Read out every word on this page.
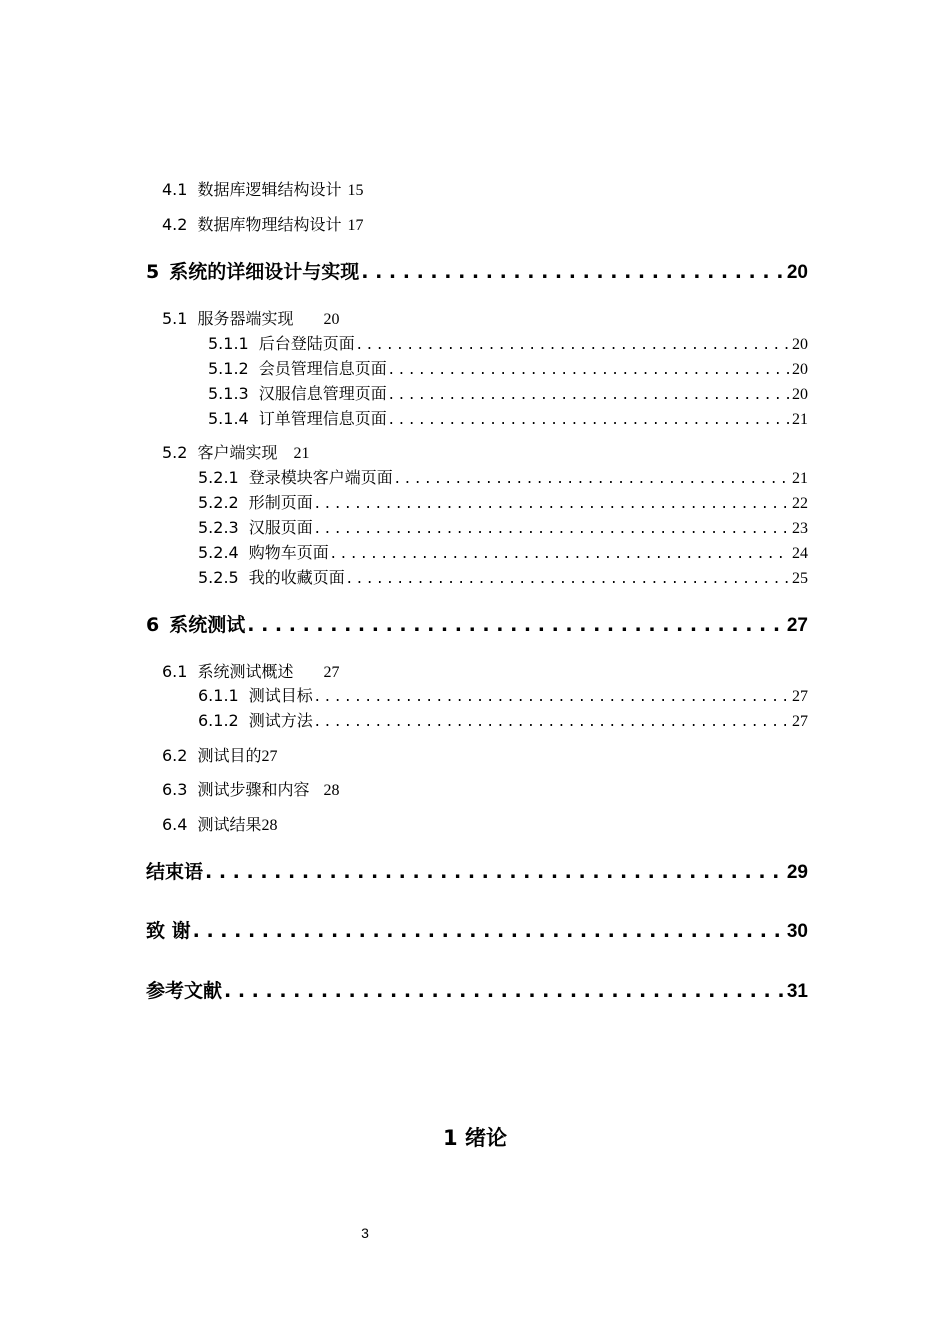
4.1 数据库逻辑结构设计 15
4.2 数据库物理结构设计 17
5 系统的详细设计与实现 . . .	20
5.1 服务器端实现 20
5.1.1 后台登陆页面 . . .	20
5.1.2 会员管理信息页面 . . .	20
5.1.3 汉服信息管理页面 . . .	20
5.1.4 订单管理信息页面 . . .	21
5.2 客户端实现 21
5.2.1 登录模块客户端页面 . . .	21
5.2.2 形制页面 . . .	22
5.2.3 汉服页面 . . .	23
5.2.4 购物车页面 . . .	24
5.2.5 我的收藏页面 . . .	25
6 系统测试 . . .	27
6.1 系统测试概述 27
6.1.1 测试目标 . . .	27
6.1.2 测试方法 . . .	27
6.2 测试目的 27
6.3 测试步骤和内容 28
6.4 测试结果 28
结束语 . . .	29
致 谢 . . .	30
参考文献 . . .	31
1 绪论
3
